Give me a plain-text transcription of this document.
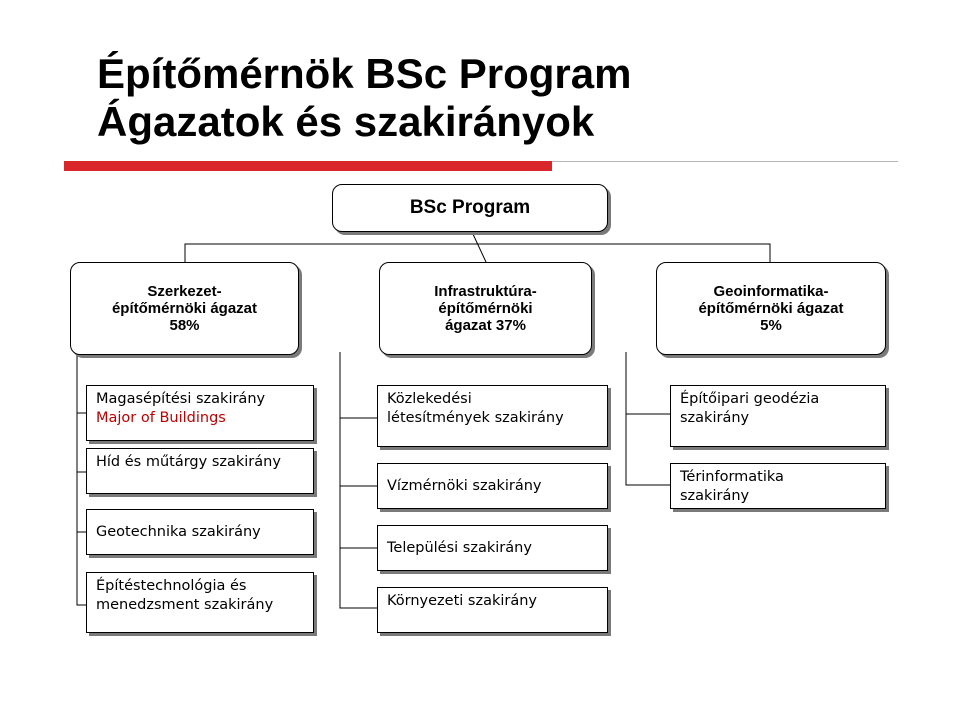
Építőmérnök BSc Program
Ágazatok és szakirányok
BSc Program
Szerkezet-
építőmérnöki ágazat
58%
Infrastruktúra-
építőmérnöki
ágazat 37%
Geoinformatika-
építőmérnöki ágazat
5%
Magasépítési szakirány
Major of Buildings
Híd és műtárgy szakirány
Geotechnika szakirány
Építéstechnológia és
menedzsment szakirány
Közlekedési
létesítmények szakirány
Vízmérnöki szakirány
Települési szakirány
Környezeti szakirány
Építőipari geodézia
szakirány
Térinformatika
szakirány
